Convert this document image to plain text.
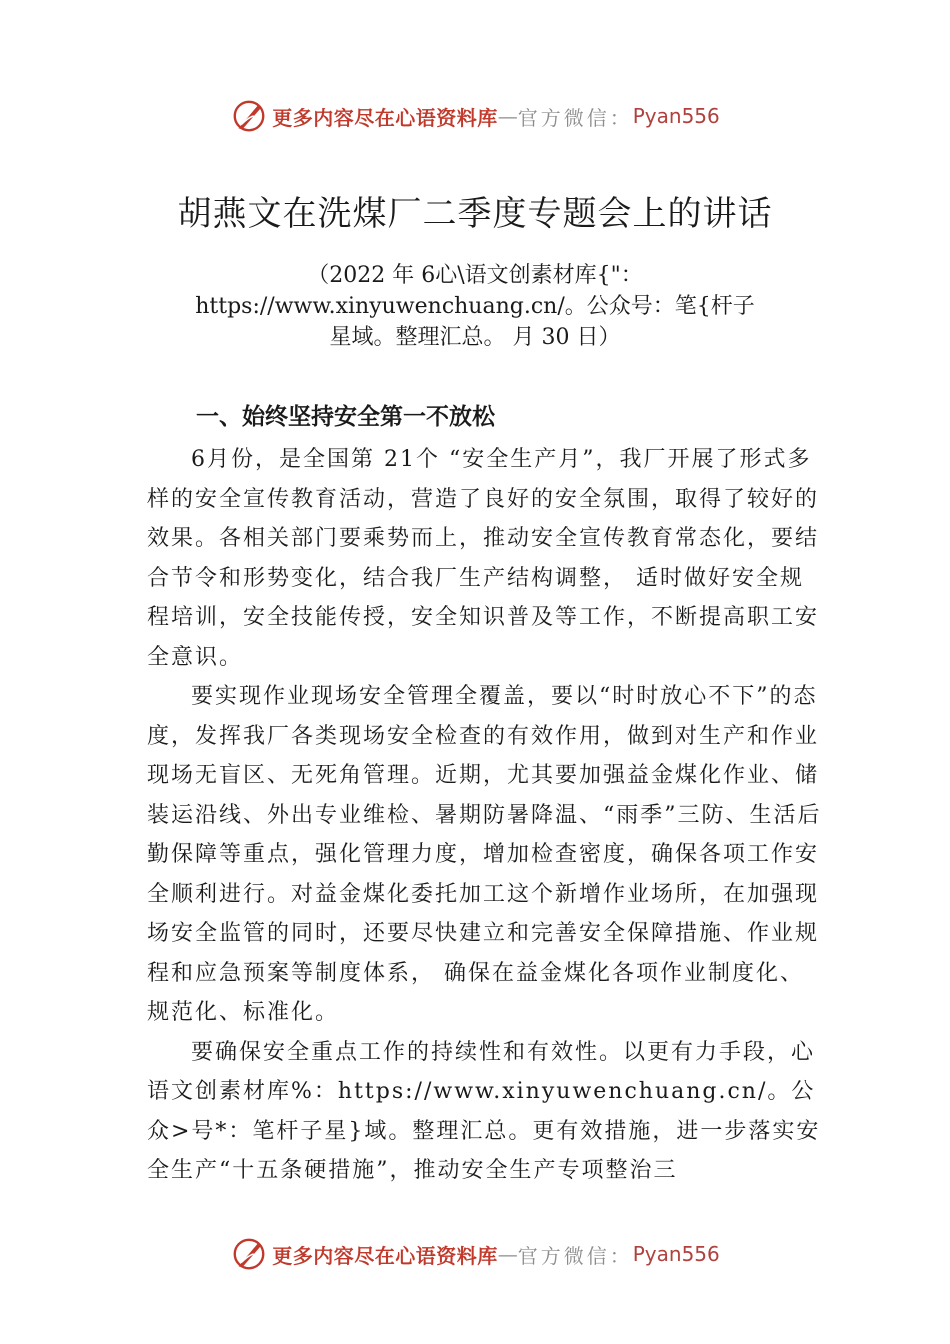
更多内容尽在心语资料库 — 官方微信： Pyan556
胡燕文在洗煤厂二季度专题会上的讲话
（2022 年 6心\语文创素材库{"：
https://www.xinyuwenchuang.cn/。公众号：笔{杆子
星域。整理汇总。 月 30 日）
一、始终坚持安全第一不放松

6月份，是全国第 21个 “安全生产月”，我厂开展了形式多样的安全宣传教育活动，营造了良好的安全氛围，取得了较好的效果。各相关部门要乘势而上，推动安全宣传教育常态化，要结合节令和形势变化，结合我厂生产结构调整， 适时做好安全规程培训，安全技能传授，安全知识普及等工作，不断提高职工安全意识。

要实现作业现场安全管理全覆盖，要以“时时放心不下”的态度，发挥我厂各类现场安全检查的有效作用，做到对生产和作业现场无盲区、无死角管理。近期，尤其要加强益金煤化作业、储装运沿线、外出专业维检、暑期防暑降温、“雨季”三防、生活后勤保障等重点，强化管理力度，增加检查密度，确保各项工作安全顺利进行。对益金煤化委托加工这个新增作业场所，在加强现场安全监管的同时，还要尽快建立和完善安全保障措施、作业规程和应急预案等制度体系， 确保在益金煤化各项作业制度化、规范化、标准化。

要确保安全重点工作的持续性和有效性。以更有力手段，心语文创素材库%：https://www.xinyuwenchuang.cn/。公众>号*：笔杆子星}域。整理汇总。更有效措施，进一步落实安全生产“十五条硬措施”，推动安全生产专项整治三

更多内容尽在心语资料库 — 官方微信： Pyan556
